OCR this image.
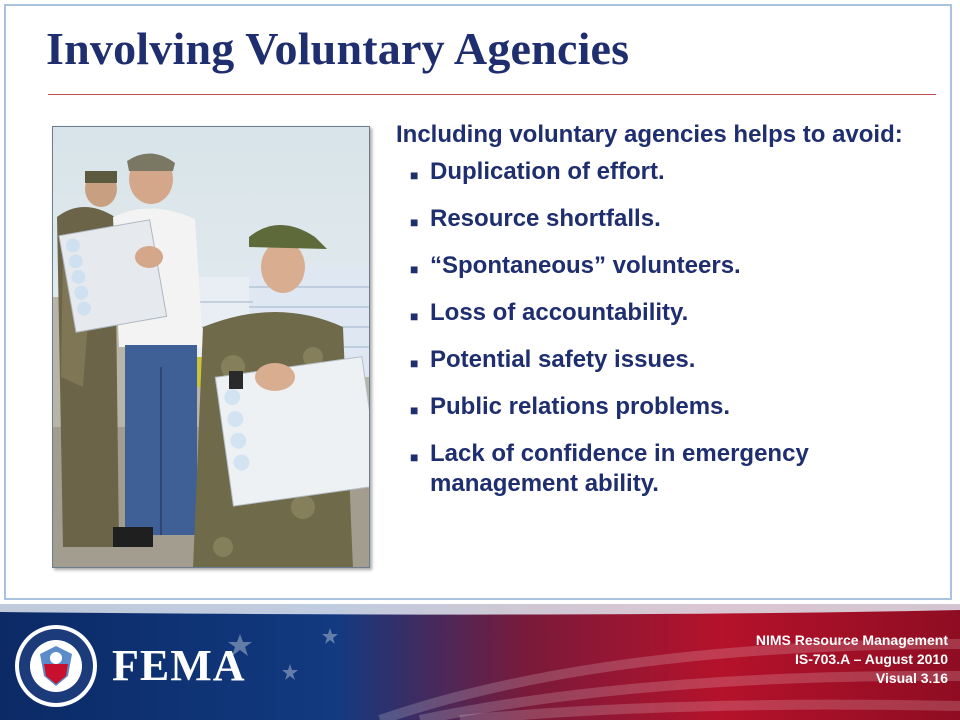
Involving Voluntary Agencies

Including voluntary agencies helps to avoid:

■ Duplication of effort.
■ Resource shortfalls.
■ “Spontaneous” volunteers.
■ Loss of accountability.
■ Potential safety issues.
■ Public relations problems.
■ Lack of confidence in emergency management ability.
FEMA
NIMS Resource Management
IS-703.A – August 2010
Visual 3.16
